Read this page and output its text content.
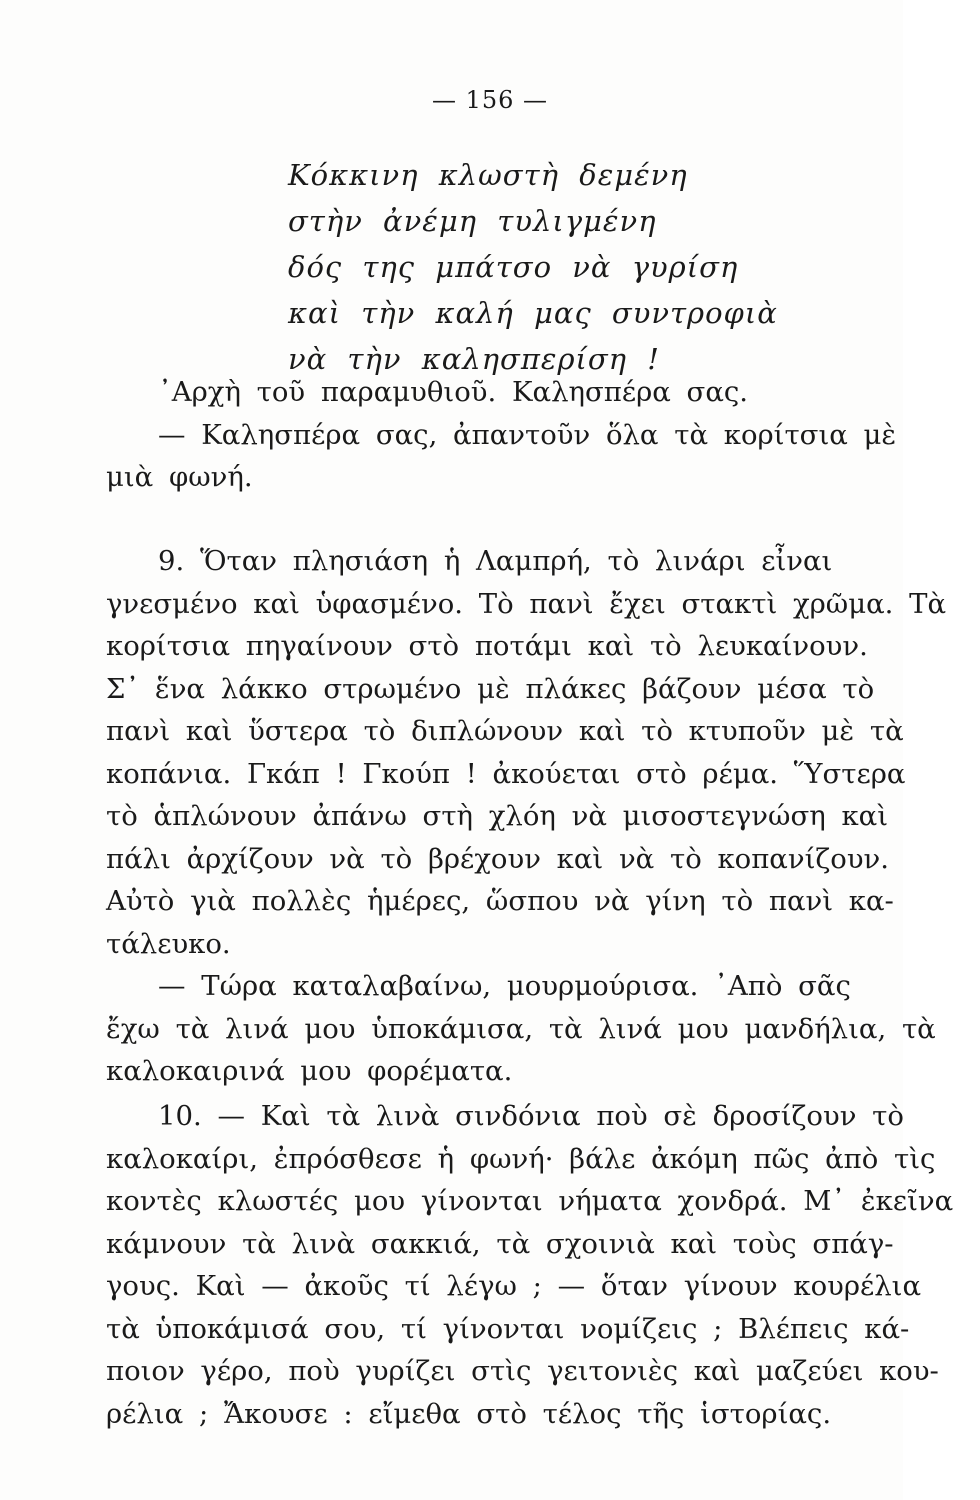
— 156 —
Κόκκινη κλωστὴ δεμένη
στὴν ἀνέμη τυλιγμένη
δός της μπάτσο νὰ γυρίση
καὶ τὴν καλή μας συντροφιὰ
νὰ τὴν καλησπερίση !
᾿Αρχὴ τοῦ παραμυθιοῦ. Καλησπέρα σας.
— Καλησπέρα σας, ἀπαντοῦν ὅλα τὰ κορίτσια μὲ
μιὰ φωνή.
9. Ὅταν πλησιάση ἡ Λαμπρή, τὸ λινάρι εἶναι
γνεσμένο καὶ ὑφασμένο. Τὸ πανὶ ἔχει στακτὶ χρῶμα. Τὰ
κορίτσια πηγαίνουν στὸ ποτάμι καὶ τὸ λευκαίνουν.
Σ᾿ ἕνα λάκκο στρωμένο μὲ πλάκες βάζουν μέσα τὸ
πανὶ καὶ ὕστερα τὸ διπλώνουν καὶ τὸ κτυποῦν μὲ τὰ
κοπάνια. Γκάπ ! Γκούπ ! ἀκούεται στὸ ρέμα. Ὕστερα
τὸ ἁπλώνουν ἀπάνω στὴ χλόη νὰ μισοστεγνώση καὶ
πάλι ἀρχίζουν νὰ τὸ βρέχουν καὶ νὰ τὸ κοπανίζουν.
Αὐτὸ γιὰ πολλὲς ἡμέρες, ὥσπου νὰ γίνη τὸ πανὶ κα-
τάλευκο.
— Τώρα καταλαβαίνω, μουρμούρισα. ᾿Απὸ σᾶς
ἔχω τὰ λινά μου ὑποκάμισα, τὰ λινά μου μανδήλια, τὰ
καλοκαιρινά μου φορέματα.
10. — Καὶ τὰ λινὰ σινδόνια ποὺ σὲ δροσίζουν τὸ
καλοκαίρι, ἐπρόσθεσε ἡ φωνή· βάλε ἀκόμη πῶς ἀπὸ τὶς
κοντὲς κλωστές μου γίνονται νήματα χονδρά. Μ᾿ ἐκεῖνα
κάμνουν τὰ λινὰ σακκιά, τὰ σχοινιὰ καὶ τοὺς σπάγ-
γους. Καὶ — ἀκοῦς τί λέγω ; — ὅταν γίνουν κουρέλια
τὰ ὑποκάμισά σου, τί γίνονται νομίζεις ; Βλέπεις κά-
ποιον γέρο, ποὺ γυρίζει στὶς γειτονιὲς καὶ μαζεύει κου-
ρέλια ; Ἄκουσε : εἴμεθα στὸ τέλος τῆς ἱστορίας.
